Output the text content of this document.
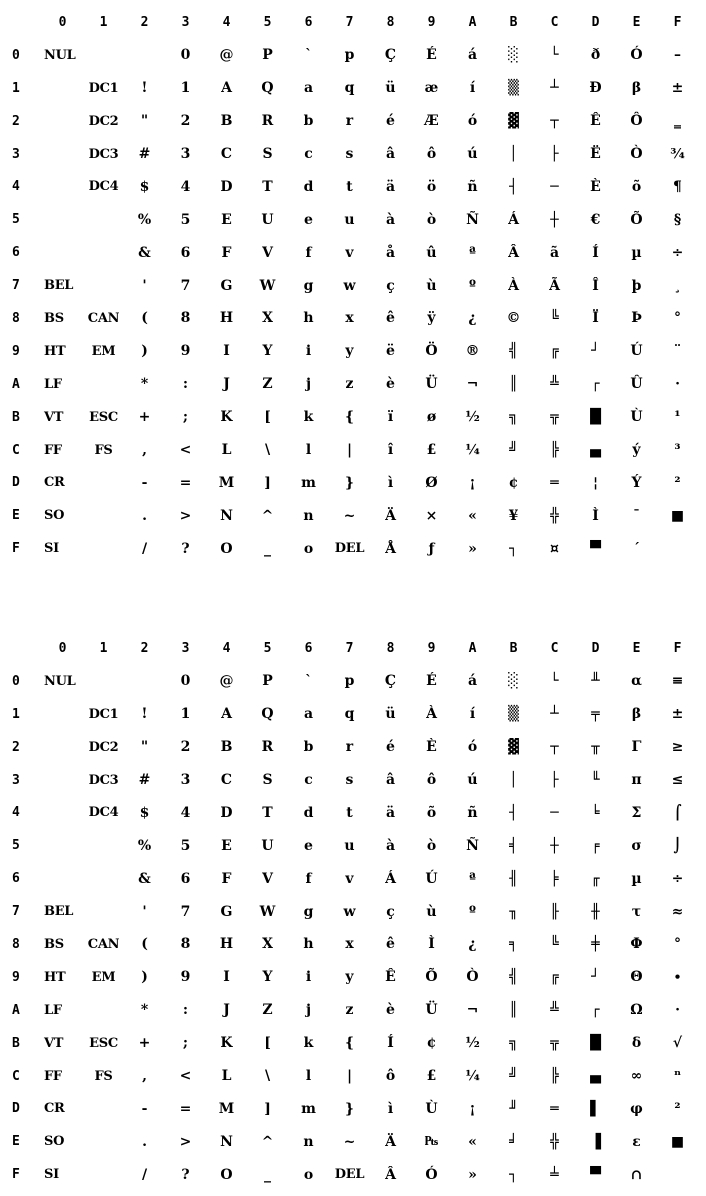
	0	1	2	3	4	5	6	7	8	9	A	B	C	D	E	F
0	NUL			0	@	P	`	p	Ç	É	á	░	└	ð	Ó	–
1		DC1	!	1	A	Q	a	q	ü	æ	í	▒	┴	Ð	β	±
2		DC2	"	2	B	R	b	r	é	Æ	ó	▓	┬	Ê	Ô	‗
3		DC3	#	3	C	S	c	s	â	ô	ú	│	├	Ë	Ò	¾
4		DC4	$	4	D	T	d	t	ä	ö	ñ	┤	─	È	õ	¶
5			%	5	E	U	e	u	à	ò	Ñ	Á	┼	€	Õ	§
6			&	6	F	V	f	v	å	û	ª	Â	ã	Í	µ	÷
7	BEL		'	7	G	W	g	w	ç	ù	º	À	Ã	Î	þ	¸
8	BS	CAN	(	8	H	X	h	x	ê	ÿ	¿	©	╚	Ï	Þ	°
9	HT	EM	)	9	I	Y	i	y	ë	Ö	®	╣	╔	┘	Ú	¨
A	LF		*	:	J	Z	j	z	è	Ü	¬	║	╩	┌	Û	·
B	VT	ESC	+	;	K	[	k	{	ï	ø	½	╗	╦	█	Ù	¹
C	FF	FS	,	<	L	\	l	|	î	£	¼	╝	╠	▄	ý	³
D	CR		-	=	M	]	m	}	ì	Ø	¡	¢	═	¦	Ý	²
E	SO		.	>	N	^	n	~	Ä	×	«	¥	╬	Ì	¯	■
F	SI		/	?	O	_	o	DEL	Å	ƒ	»	┐	¤	▀	´	
	0	1	2	3	4	5	6	7	8	9	A	B	C	D	E	F
0	NUL			0	@	P	`	p	Ç	É	á	░	└	╨	α	≡
1		DC1	!	1	A	Q	a	q	ü	À	í	▒	┴	╤	β	±
2		DC2	"	2	B	R	b	r	é	È	ó	▓	┬	╥	Γ	≥
3		DC3	#	3	C	S	c	s	â	ô	ú	│	├	╙	π	≤
4		DC4	$	4	D	T	d	t	ä	õ	ñ	┤	─	╘	Σ	⌠
5			%	5	E	U	e	u	à	ò	Ñ	╡	┼	╒	σ	⌡
6			&	6	F	V	f	v	Á	Ú	ª	╢	╞	╓	µ	÷
7	BEL		'	7	G	W	g	w	ç	ù	º	╖	╟	╫	τ	≈
8	BS	CAN	(	8	H	X	h	x	ê	Ì	¿	╕	╚	╪	Φ	°
9	HT	EM	)	9	I	Y	i	y	Ê	Õ	Ò	╣	╔	┘	Θ	∙
A	LF		*	:	J	Z	j	z	è	Ü	¬	║	╩	┌	Ω	·
B	VT	ESC	+	;	K	[	k	{	Í	¢	½	╗	╦	█	δ	√
C	FF	FS	,	<	L	\	l	|	ô	£	¼	╝	╠	▄	∞	ⁿ
D	CR		-	=	M	]	m	}	ì	Ù	¡	╜	═	▌	φ	²
E	SO		.	>	N	^	n	~	Ä	₧	«	╛	╬	▐	ε	■
F	SI		/	?	O	_	o	DEL	Â	Ó	»	┐	╧	▀	∩	
